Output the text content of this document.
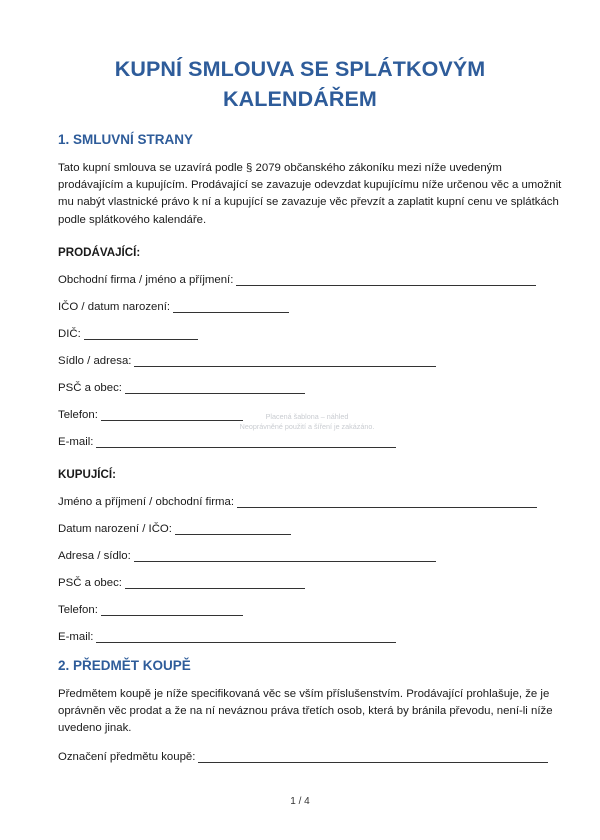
KUPNÍ SMLOUVA SE SPLÁTKOVÝM
KALENDÁŘEM
1. SMLUVNÍ STRANY
Tato kupní smlouva se uzavírá podle § 2079 občanského zákoníku mezi níže uvedeným
prodávajícím a kupujícím. Prodávající se zavazuje odevzdat kupujícímu níže určenou věc a umožnit
mu nabýt vlastnické právo k ní a kupující se zavazuje věc převzít a zaplatit kupní cenu ve splátkách
podle splátkového kalendáře.
PRODÁVAJÍCÍ:
Obchodní firma / jméno a příjmení:
IČO / datum narození:
DIČ:
Sídlo / adresa:
PSČ a obec:
Telefon:
E-mail:
Placená šablona – náhled
Neoprávněné použití a šíření je zakázáno.
KUPUJÍCÍ:
Jméno a příjmení / obchodní firma:
Datum narození / IČO:
Adresa / sídlo:
PSČ a obec:
Telefon:
E-mail:
2. PŘEDMĚT KOUPĚ
Předmětem koupě je níže specifikovaná věc se vším příslušenstvím. Prodávající prohlašuje, že je
oprávněn věc prodat a že na ní neváznou práva třetích osob, která by bránila převodu, není-li níže
uvedeno jinak.
Označení předmětu koupě:
1 / 4
